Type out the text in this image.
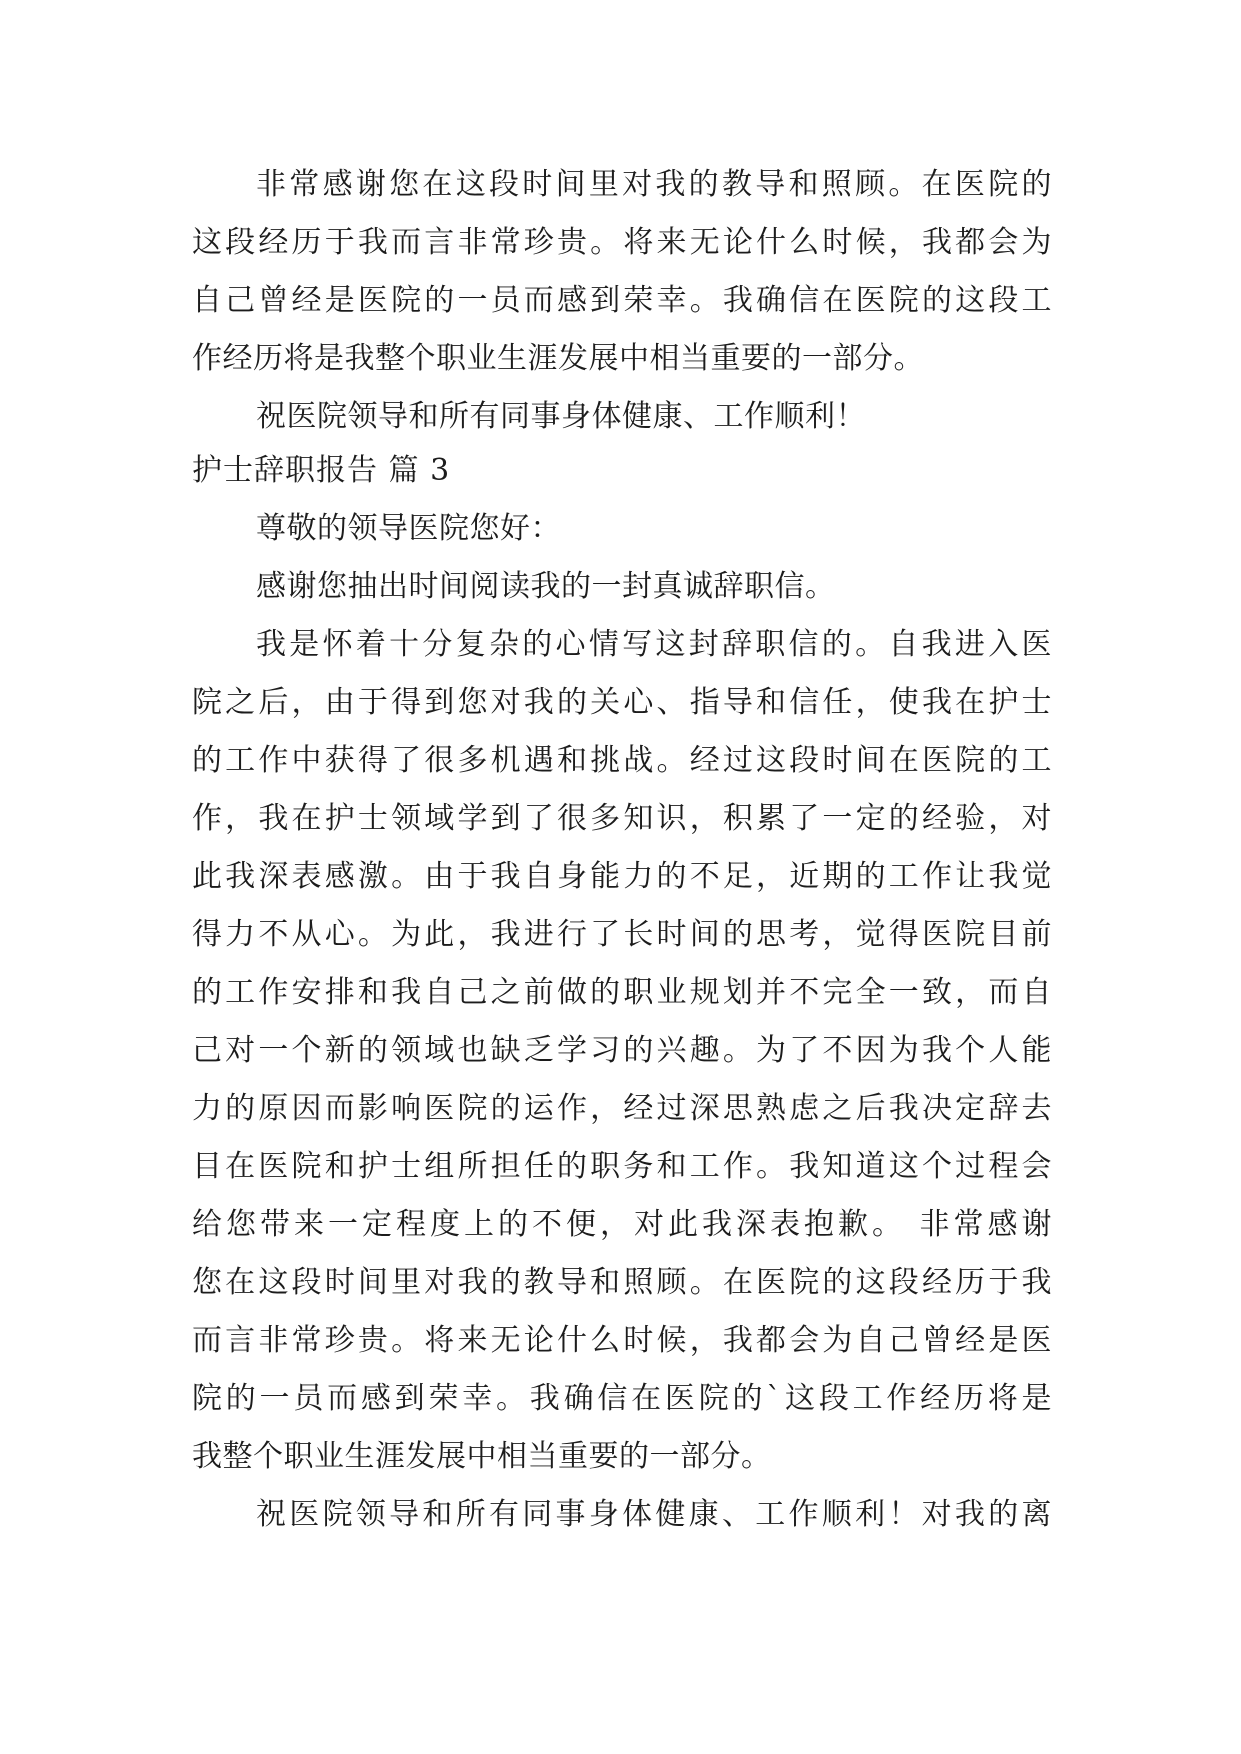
非常感谢您在这段时间里对我的教导和照顾。在医院的
这段经历于我而言非常珍贵。将来无论什么时候，我都会为
自己曾经是医院的一员而感到荣幸。我确信在医院的这段工
作经历将是我整个职业生涯发展中相当重要的一部分。
祝医院领导和所有同事身体健康、工作顺利！
护士辞职报告 篇 3
尊敬的领导医院您好：
感谢您抽出时间阅读我的一封真诚辞职信。
我是怀着十分复杂的心情写这封辞职信的。自我进入医
院之后，由于得到您对我的关心、指导和信任，使我在护士
的工作中获得了很多机遇和挑战。经过这段时间在医院的工
作，我在护士领域学到了很多知识，积累了一定的经验，对
此我深表感激。由于我自身能力的不足，近期的工作让我觉
得力不从心。为此，我进行了长时间的思考，觉得医院目前
的工作安排和我自己之前做的职业规划并不完全一致，而自
己对一个新的领域也缺乏学习的兴趣。为了不因为我个人能
力的原因而影响医院的运作，经过深思熟虑之后我决定辞去
目在医院和护士组所担任的职务和工作。我知道这个过程会
给您带来一定程度上的不便，对此我深表抱歉。 非常感谢
您在这段时间里对我的教导和照顾。在医院的这段经历于我
而言非常珍贵。将来无论什么时候，我都会为自己曾经是医
院的一员而感到荣幸。我确信在医院的`这段工作经历将是
我整个职业生涯发展中相当重要的一部分。
祝医院领导和所有同事身体健康、工作顺利！对我的离
